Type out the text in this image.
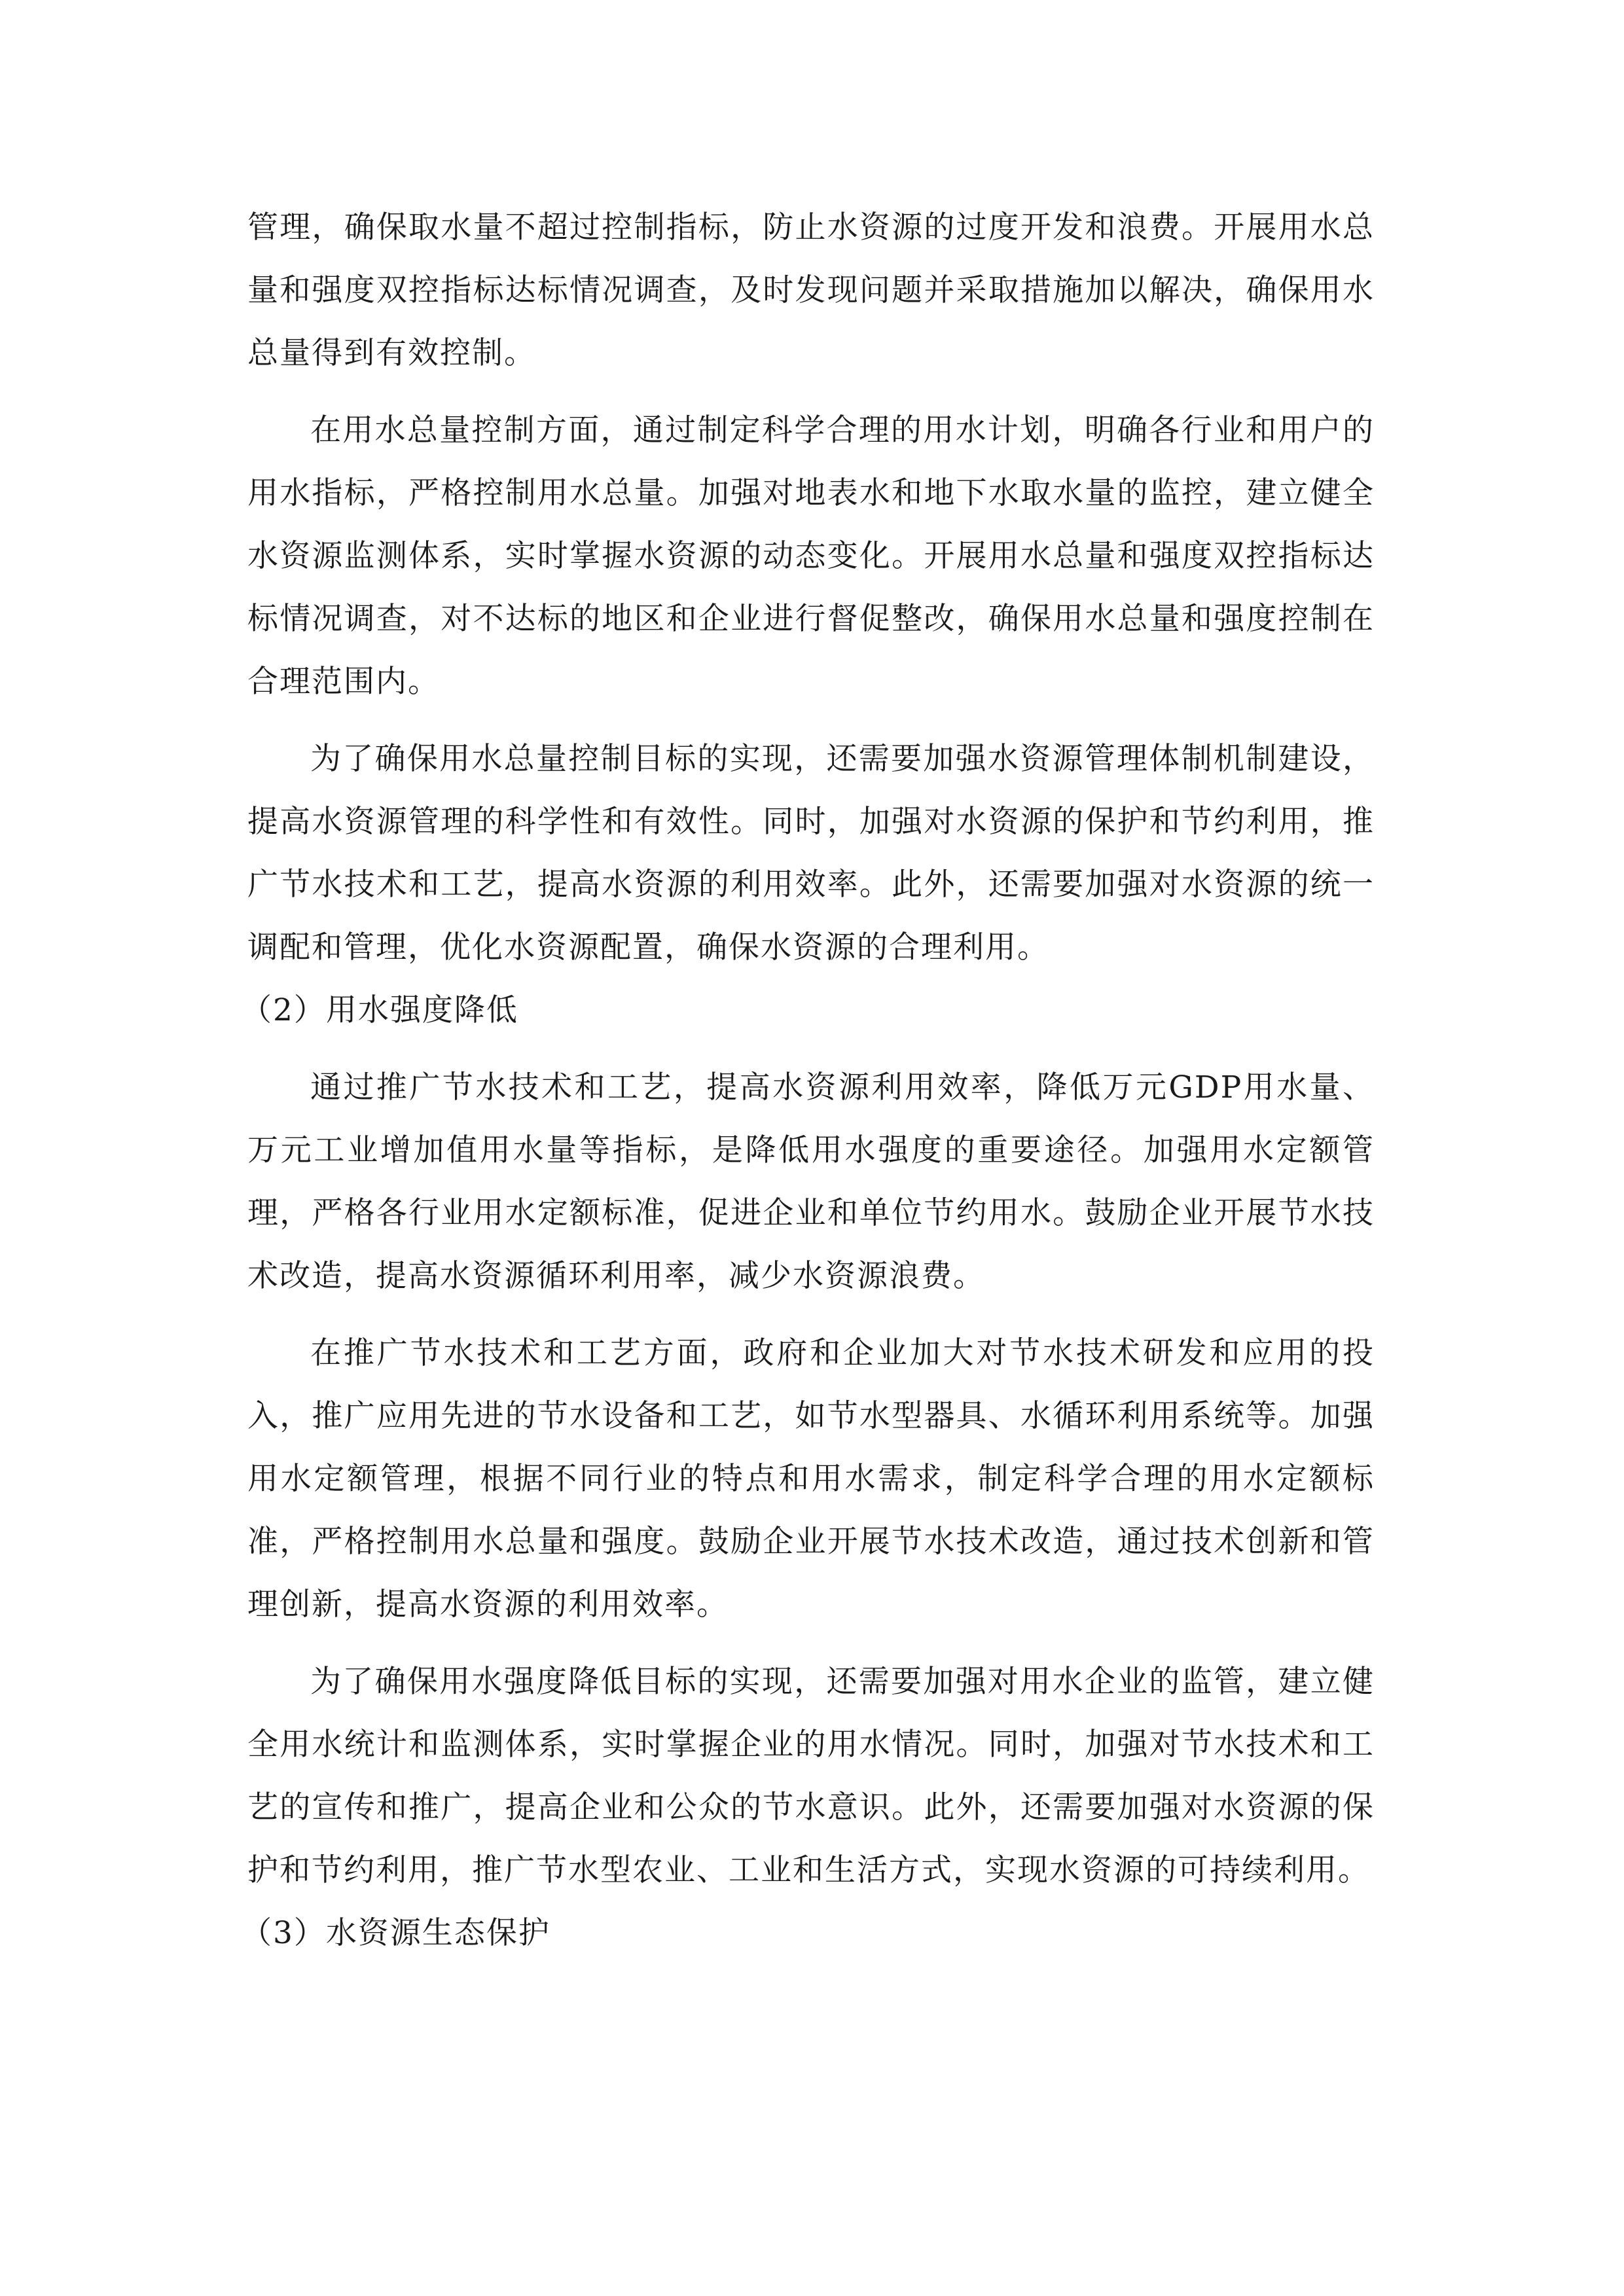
管理，确保取水量不超过控制指标，防止水资源的过度开发和浪费。开展用水总量和强度双控指标达标情况调查，及时发现问题并采取措施加以解决，确保用水总量得到有效控制。

在用水总量控制方面，通过制定科学合理的用水计划，明确各行业和用户的用水指标，严格控制用水总量。加强对地表水和地下水取水量的监控，建立健全水资源监测体系，实时掌握水资源的动态变化。开展用水总量和强度双控指标达标情况调查，对不达标的地区和企业进行督促整改，确保用水总量和强度控制在合理范围内。

为了确保用水总量控制目标的实现，还需要加强水资源管理体制机制建设，提高水资源管理的科学性和有效性。同时，加强对水资源的保护和节约利用，推广节水技术和工艺，提高水资源的利用效率。此外，还需要加强对水资源的统一调配和管理，优化水资源配置，确保水资源的合理利用。

（2）用水强度降低

通过推广节水技术和工艺，提高水资源利用效率，降低万元GDP用水量、万元工业增加值用水量等指标，是降低用水强度的重要途径。加强用水定额管理，严格各行业用水定额标准，促进企业和单位节约用水。鼓励企业开展节水技术改造，提高水资源循环利用率，减少水资源浪费。

在推广节水技术和工艺方面，政府和企业加大对节水技术研发和应用的投入，推广应用先进的节水设备和工艺，如节水型器具、水循环利用系统等。加强用水定额管理，根据不同行业的特点和用水需求，制定科学合理的用水定额标准，严格控制用水总量和强度。鼓励企业开展节水技术改造，通过技术创新和管理创新，提高水资源的利用效率。

为了确保用水强度降低目标的实现，还需要加强对用水企业的监管，建立健全用水统计和监测体系，实时掌握企业的用水情况。同时，加强对节水技术和工艺的宣传和推广，提高企业和公众的节水意识。此外，还需要加强对水资源的保护和节约利用，推广节水型农业、工业和生活方式，实现水资源的可持续利用。

（3）水资源生态保护
